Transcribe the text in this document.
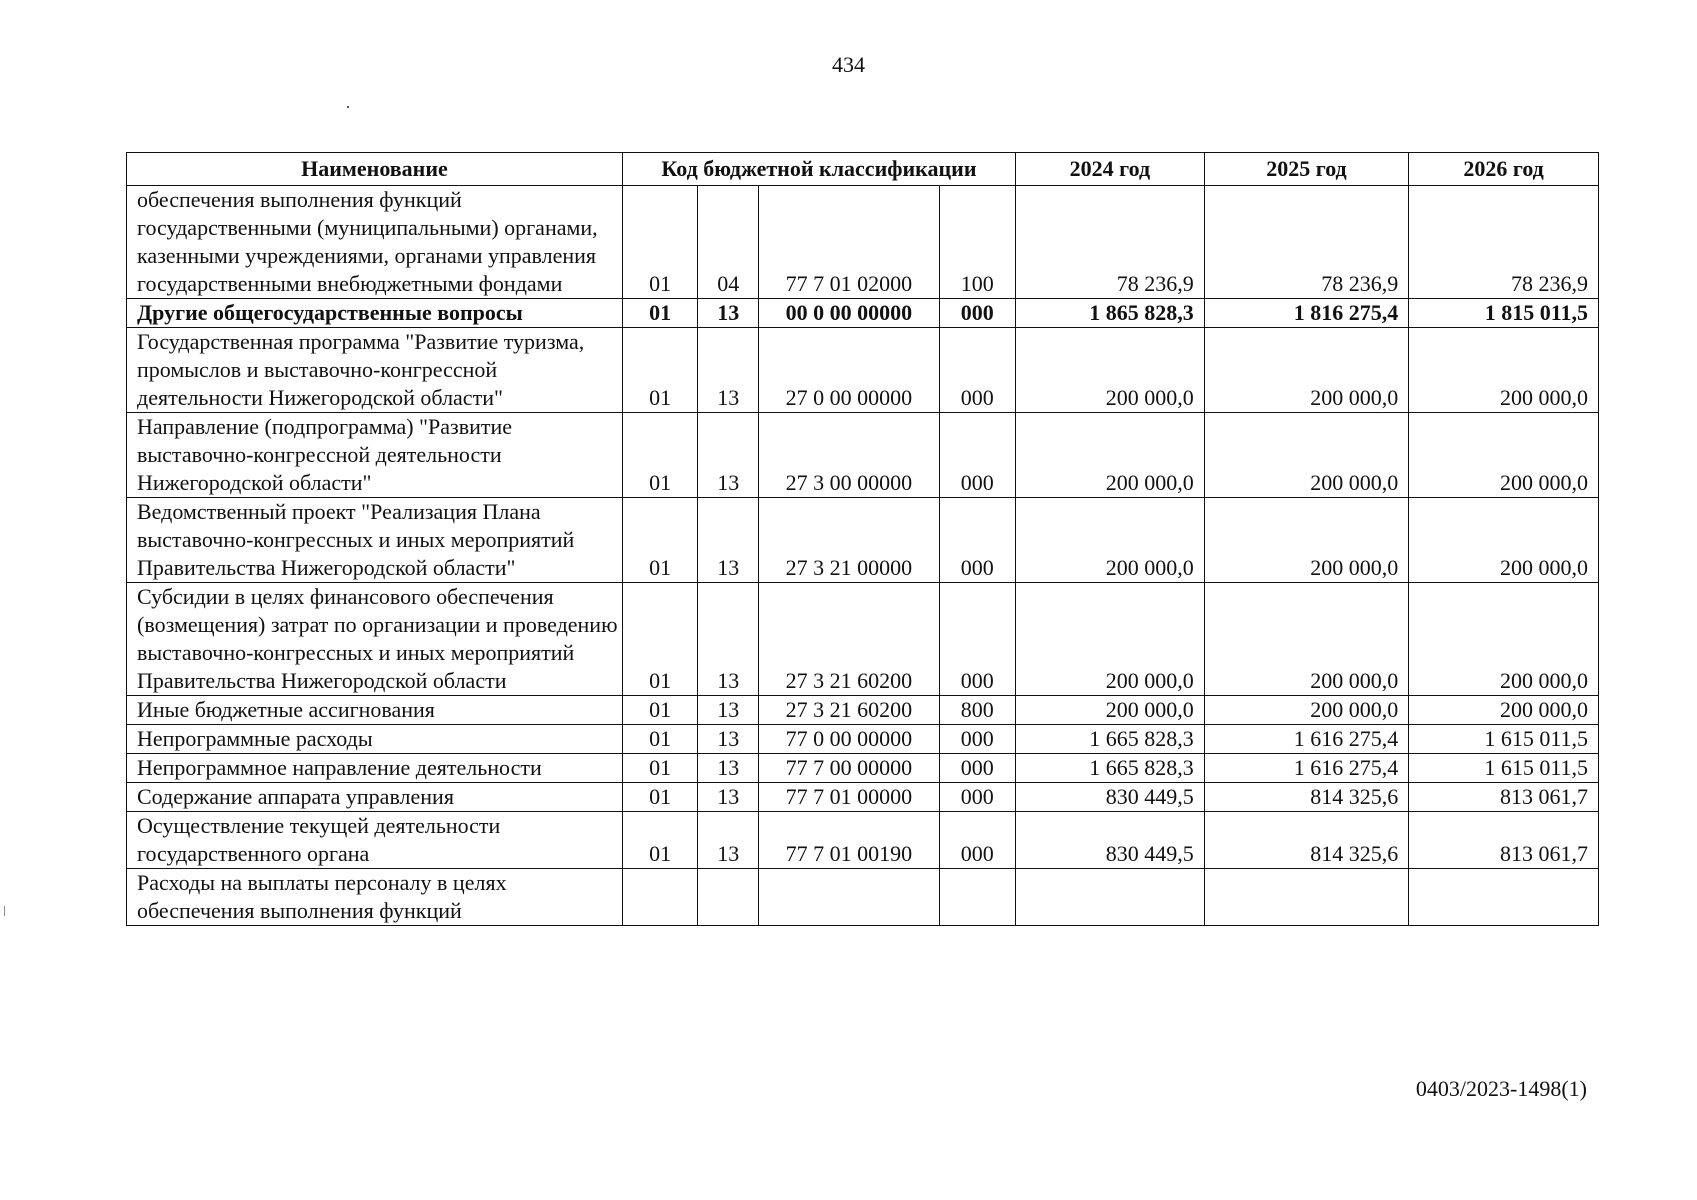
434
Наименование	Код бюджетной классификации				2024 год	2025 год	2026 год
обеспечения выполнения функций государственными (муниципальными) органами, казенными учреждениями, органами управления государственными внебюджетными фондами	01	04	77 7 01 02000	100	78 236,9	78 236,9	78 236,9
Другие общегосударственные вопросы	01	13	00 0 00 00000	000	1 865 828,3	1 816 275,4	1 815 011,5
Государственная программа "Развитие туризма, промыслов и выставочно-конгрессной деятельности Нижегородской области"	01	13	27 0 00 00000	000	200 000,0	200 000,0	200 000,0
Направление (подпрограмма) "Развитие выставочно-конгрессной деятельности Нижегородской области"	01	13	27 3 00 00000	000	200 000,0	200 000,0	200 000,0
Ведомственный проект "Реализация Плана выставочно-конгрессных и иных мероприятий Правительства Нижегородской области"	01	13	27 3 21 00000	000	200 000,0	200 000,0	200 000,0
Субсидии в целях финансового обеспечения (возмещения) затрат по организации и проведению выставочно-конгрессных и иных мероприятий Правительства Нижегородской области	01	13	27 3 21 60200	000	200 000,0	200 000,0	200 000,0
Иные бюджетные ассигнования	01	13	27 3 21 60200	800	200 000,0	200 000,0	200 000,0
Непрограммные расходы	01	13	77 0 00 00000	000	1 665 828,3	1 616 275,4	1 615 011,5
Непрограммное направление деятельности	01	13	77 7 00 00000	000	1 665 828,3	1 616 275,4	1 615 011,5
Содержание аппарата управления	01	13	77 7 01 00000	000	830 449,5	814 325,6	813 061,7
Осуществление текущей деятельности государственного органа	01	13	77 7 01 00190	000	830 449,5	814 325,6	813 061,7
Расходы на выплаты персоналу в целях обеспечения выполнения функций							
0403/2023-1498(1)
